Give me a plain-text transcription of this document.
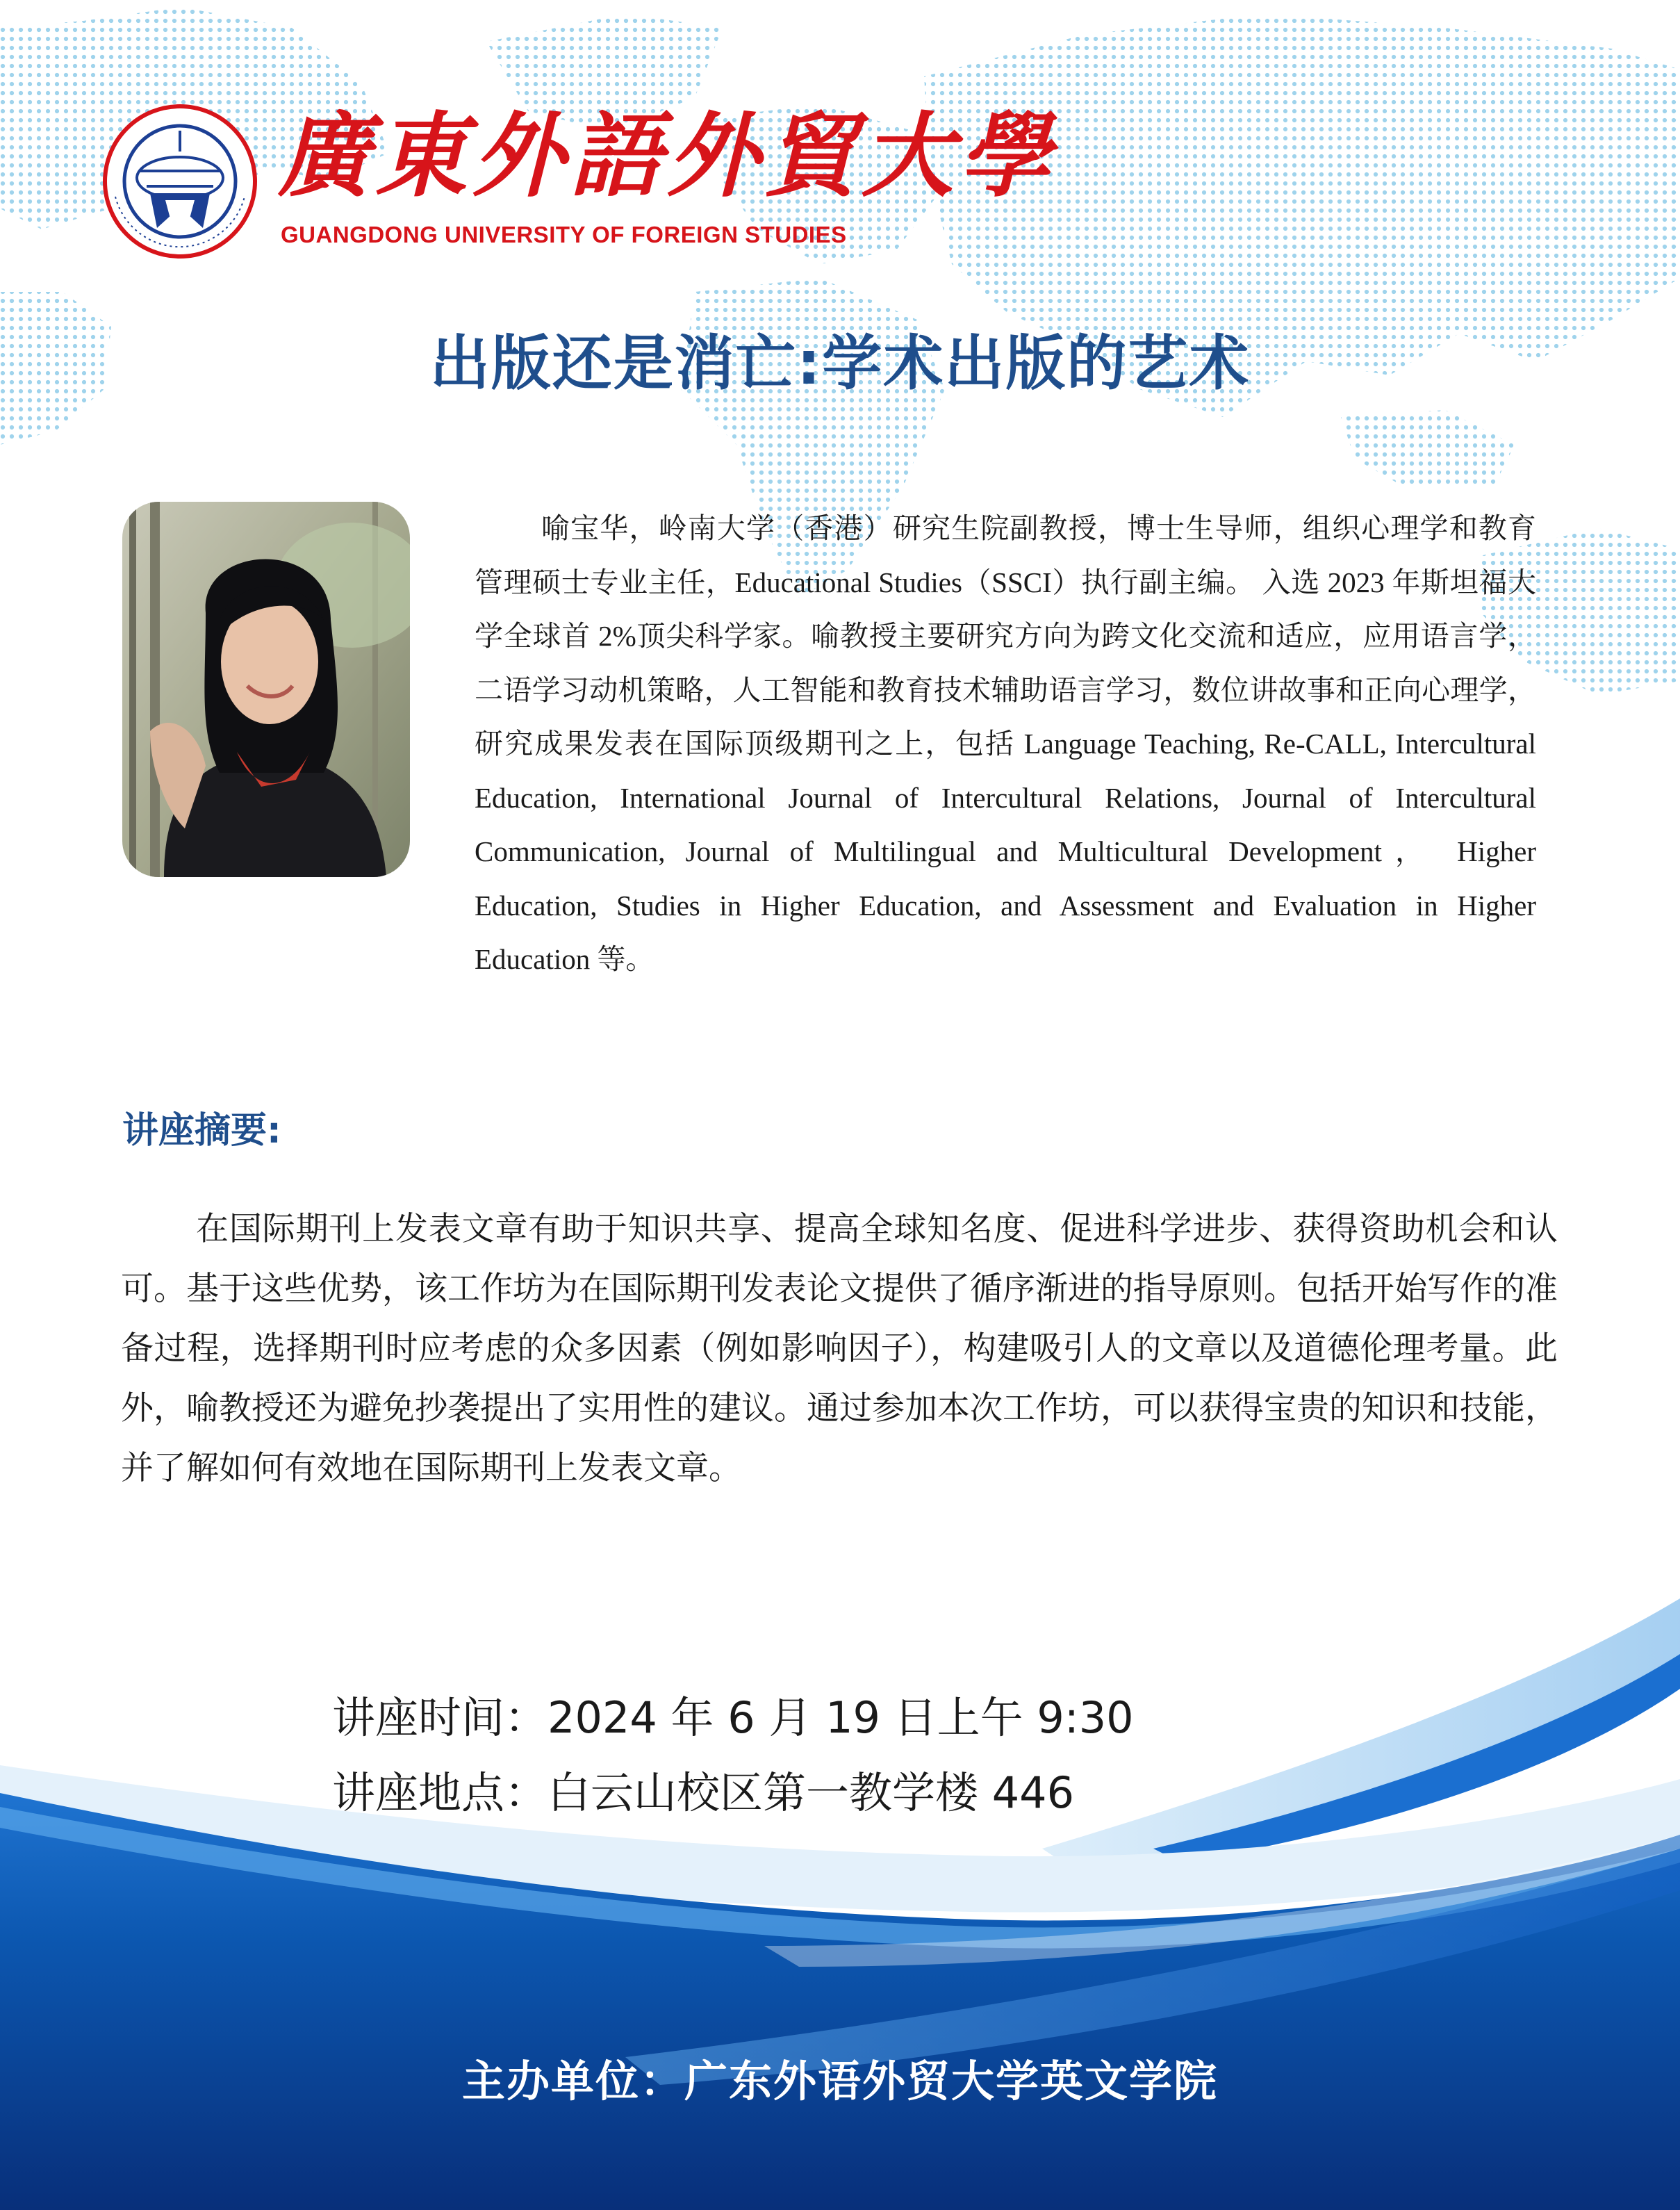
廣東外語外貿大學

GUANGDONG UNIVERSITY OF FOREIGN STUDIES

出版还是消亡:学术出版的艺术

喻宝华，岭南大学（香港）研究生院副教授，博士生导师，组织心理学和教育管理硕士专业主任，Educational Studies（SSCI）执行副主编。 入选 2023 年斯坦福大学全球首 2%顶尖科学家。喻教授主要研究方向为跨文化交流和适应，应用语言学，二语学习动机策略，人工智能和教育技术辅助语言学习，数位讲故事和正向心理学，研究成果发表在国际顶级期刊之上，包括 Language Teaching, Re-CALL, Intercultural Education, International Journal of Intercultural Relations, Journal of Intercultural Communication, Journal of Multilingual and Multicultural Development， Higher Education, Studies in Higher Education, and Assessment and Evaluation in Higher Education 等。

讲座摘要:

在国际期刊上发表文章有助于知识共享、提高全球知名度、促进科学进步、获得资助机会和认可。基于这些优势，该工作坊为在国际期刊发表论文提供了循序渐进的指导原则。包括开始写作的准备过程，选择期刊时应考虑的众多因素（例如影响因子），构建吸引人的文章以及道德伦理考量。此外，喻教授还为避免抄袭提出了实用性的建议。通过参加本次工作坊，可以获得宝贵的知识和技能，并了解如何有效地在国际期刊上发表文章。

讲座时间：2024 年 6 月 19 日上午 9:30

讲座地点：白云山校区第一教学楼 446

主办单位：广东外语外贸大学英文学院
